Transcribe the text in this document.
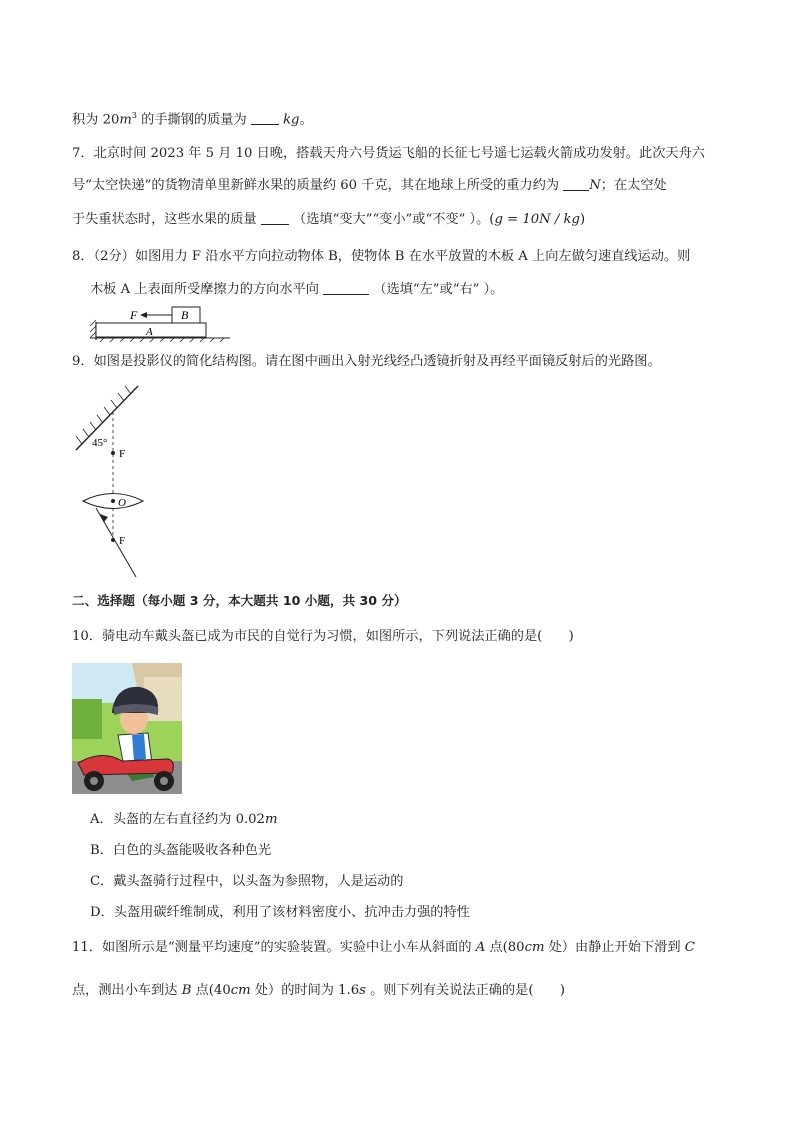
积为 $20m^3$ 的手撕钢的质量为  kg。
7．北京时间 2023 年 5 月 10 日晚，搭载天舟六号货运飞船的长征七号遥七运载火箭成功发射。此次天舟六
号“太空快递”的货物清单里新鲜水果的质量约 60 千克，其在地球上所受的重力约为 N；在太空处
于失重状态时，这些水果的质量  （选填“变大”“变小”或“不变” ）。(g = 10N / kg)
8．（2分）如图用力 F 沿水平方向拉动物体 B，使物体 B 在水平放置的木板 A 上向左做匀速直线运动。则
木板 A 上表面所受摩擦力的方向水平向	（选填“左”或“右” ）。
F	B
A
9．如图是投影仪的简化结构图。请在图中画出入射光线经凸透镜折射及再经平面镜反射后的光路图。
45°
F
O
F
二、选择题（每小题 3 分，本大题共 10 小题，共 30 分）
10．骑电动车戴头盔已成为市民的自觉行为习惯，如图所示，下列说法正确的是(　　)
A．头盔的左右直径约为 0.02m
B．白色的头盔能吸收各种色光
C．戴头盔骑行过程中，以头盔为参照物，人是运动的
D．头盔用碳纤维制成，利用了该材料密度小、抗冲击力强的特性
11．如图所示是“测量平均速度”的实验装置。实验中让小车从斜面的 A 点(80cm 处）由静止开始下滑到 C
点，测出小车到达 B 点(40cm 处）的时间为 1.6s 。则下列有关说法正确的是(　　)
